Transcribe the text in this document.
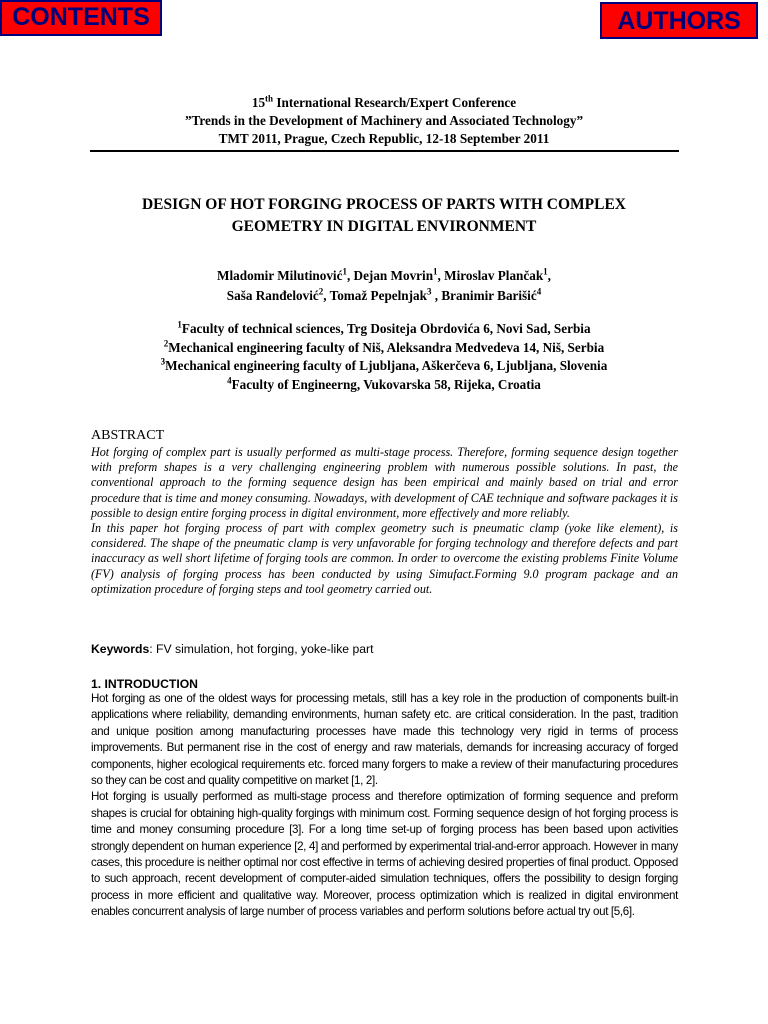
CONTENTS	AUTHORS
15th International Research/Expert Conference
”Trends in the Development of Machinery and Associated Technology”
TMT 2011, Prague, Czech Republic, 12-18 September 2011
DESIGN OF HOT FORGING PROCESS OF PARTS WITH COMPLEX
GEOMETRY IN DIGITAL ENVIRONMENT
Mladomir Milutinović$^1$, Dejan Movrin$^1$, Miroslav Plančak$^1$,
Saša Ranđelović$^2$, Tomaž Pepelnjak$^3$ , Branimir Barišić$^4$
$^1$Faculty of technical sciences, Trg Dositeja Obrdovića 6, Novi Sad, Serbia
$^2$Mechanical engineering faculty of Niš, Aleksandra Medvedeva 14, Niš, Serbia
$^3$Mechanical engineering faculty of Ljubljana, Aškerčeva 6, Ljubljana, Slovenia
$^4$Faculty of Engineerng, Vukovarska 58, Rijeka, Croatia
ABSTRACT

Hot forging of complex part is usually performed as multi-stage process. Therefore, forming sequence design together with preform shapes is a very challenging engineering problem with numerous possible solutions. In past, the conventional approach to the forming sequence design has been empirical and mainly based on trial and error procedure that is time and money consuming. Nowadays, with development of CAE technique and software packages it is possible to design entire forging process in digital environment, more effectively and more reliably.

In this paper hot forging process of part with complex geometry such is pneumatic clamp (yoke like element), is considered. The shape of the pneumatic clamp is very unfavorable for forging technology and therefore defects and part inaccuracy as well short lifetime of forging tools are common. In order to overcome the existing problems Finite Volume (FV) analysis of forging process has been conducted by using Simufact.Forming 9.0 program package and an optimization procedure of forging steps and tool geometry carried out.

Keywords: FV simulation, hot forging, yoke-like part
1. INTRODUCTION

Hot forging as one of the oldest ways for processing metals, still has a key role in the production of components built-in applications where reliability, demanding environments, human safety etc. are critical consideration. In the past, tradition and unique position among manufacturing processes have made this technology very rigid in terms of process improvements. But permanent rise in the cost of energy and raw materials, demands for increasing accuracy of forged components, higher ecological requirements etc. forced many forgers to make a review of their manufacturing procedures so they can be cost and quality competitive on market [1, 2].

Hot forging is usually performed as multi-stage process and therefore optimization of forming sequence and preform shapes is crucial for obtaining high-quality forgings with minimum cost. Forming sequence design of hot forging process is time and money consuming procedure [3]. For a long time set-up of forging process has been based upon activities strongly dependent on human experience [2, 4] and performed by experimental trial-and-error approach. However in many cases, this procedure is neither optimal nor cost effective in terms of achieving desired properties of final product. Opposed to such approach, recent development of computer-aided simulation techniques, offers the possibility to design forging process in more efficient and qualitative way. Moreover, process optimization which is realized in digital environment enables concurrent analysis of large number of process variables and perform solutions before actual try out [5,6].
